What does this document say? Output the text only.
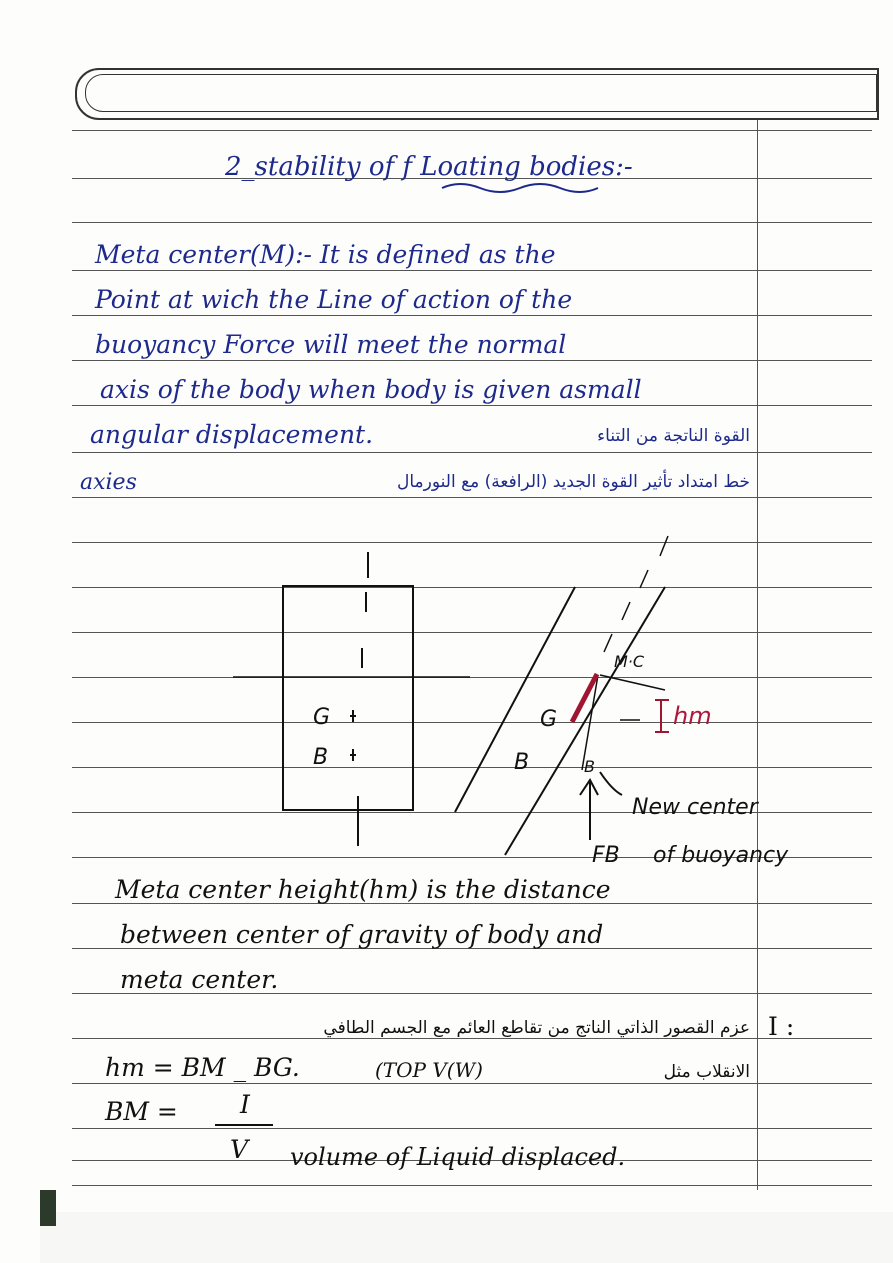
2_stability of f Loating bodies:-
Meta center(M):- It is defined as the
Point at wich the Line of action of the
buoyancy Force will meet the normal
axis of the body when body is given asmall
angular displacement.	القوة الناتجة من التناء
axies	خط امتداد تأثير القوة الجديد (الرافعة) مع النورمال
G
B
G
B	B
M·C
hm
New center
FB of buoyancy
Meta center height(hm) is the distance
between center of gravity of body and
meta center.
عزم القصور الذاتي الناتج من تقاطع العائم مع الجسم الطافي I :
hm = BM _ BG.	(TOP V(W)	الانقلاب مثل
BM = I
V volume of Liquid displaced.
